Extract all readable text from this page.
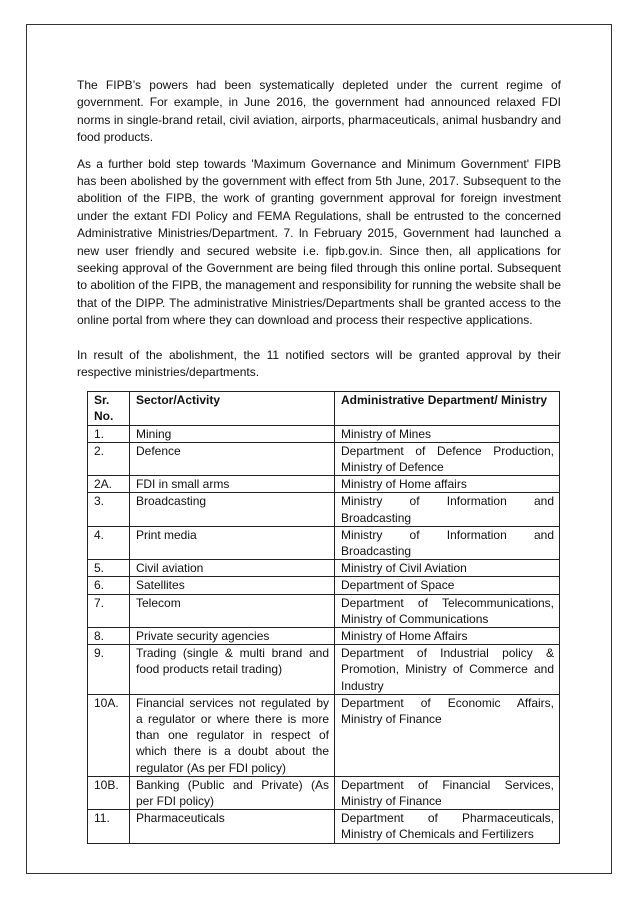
The FIPB’s powers had been systematically depleted under the current regime of government. For example, in June 2016, the government had announced relaxed FDI norms in single-brand retail, civil aviation, airports, pharmaceuticals, animal husbandry and food products.

As a further bold step towards 'Maximum Governance and Minimum Government' FIPB has been abolished by the government with effect from 5th June, 2017. Subsequent to the abolition of the FIPB, the work of granting government approval for foreign investment under the extant FDI Policy and FEMA Regulations, shall be entrusted to the concerned Administrative Ministries/Department. 7. ln February 2015, Government had launched a new user friendly and secured website i.e. fipb.gov.in. Since then, all applications for seeking approval of the Government are being filed through this online portal. Subsequent to abolition of the FIPB, the management and responsibility for running the website shall be that of the DIPP. The administrative Ministries/Departments shall be granted access to the online portal from where they can download and process their respective applications.

In result of the abolishment, the 11 notified sectors will be granted approval by their respective ministries/departments.

Sr. No.	Sector/Activity	Administrative Department/ Ministry
1.	Mining	Ministry of Mines
2.	Defence	Department of Defence Production, Ministry of Defence
2A.	FDI in small arms	Ministry of Home affairs
3.	Broadcasting	Ministry of Information and Broadcasting
4.	Print media	Ministry of Information and Broadcasting
5.	Civil aviation	Ministry of Civil Aviation
6.	Satellites	Department of Space
7.	Telecom	Department of Telecommunications, Ministry of Communications
8.	Private security agencies	Ministry of Home Affairs
9.	Trading (single & multi brand and food products retail trading)	Department of Industrial policy & Promotion, Ministry of Commerce and Industry
10A.	Financial services not regulated by a regulator or where there is more than one regulator in respect of which there is a doubt about the regulator (As per FDI policy)	Department of Economic Affairs, Ministry of Finance
10B.	Banking (Public and Private) (As per FDI policy)	Department of Financial Services, Ministry of Finance
11.	Pharmaceuticals	Department of Pharmaceuticals, Ministry of Chemicals and Fertilizers
